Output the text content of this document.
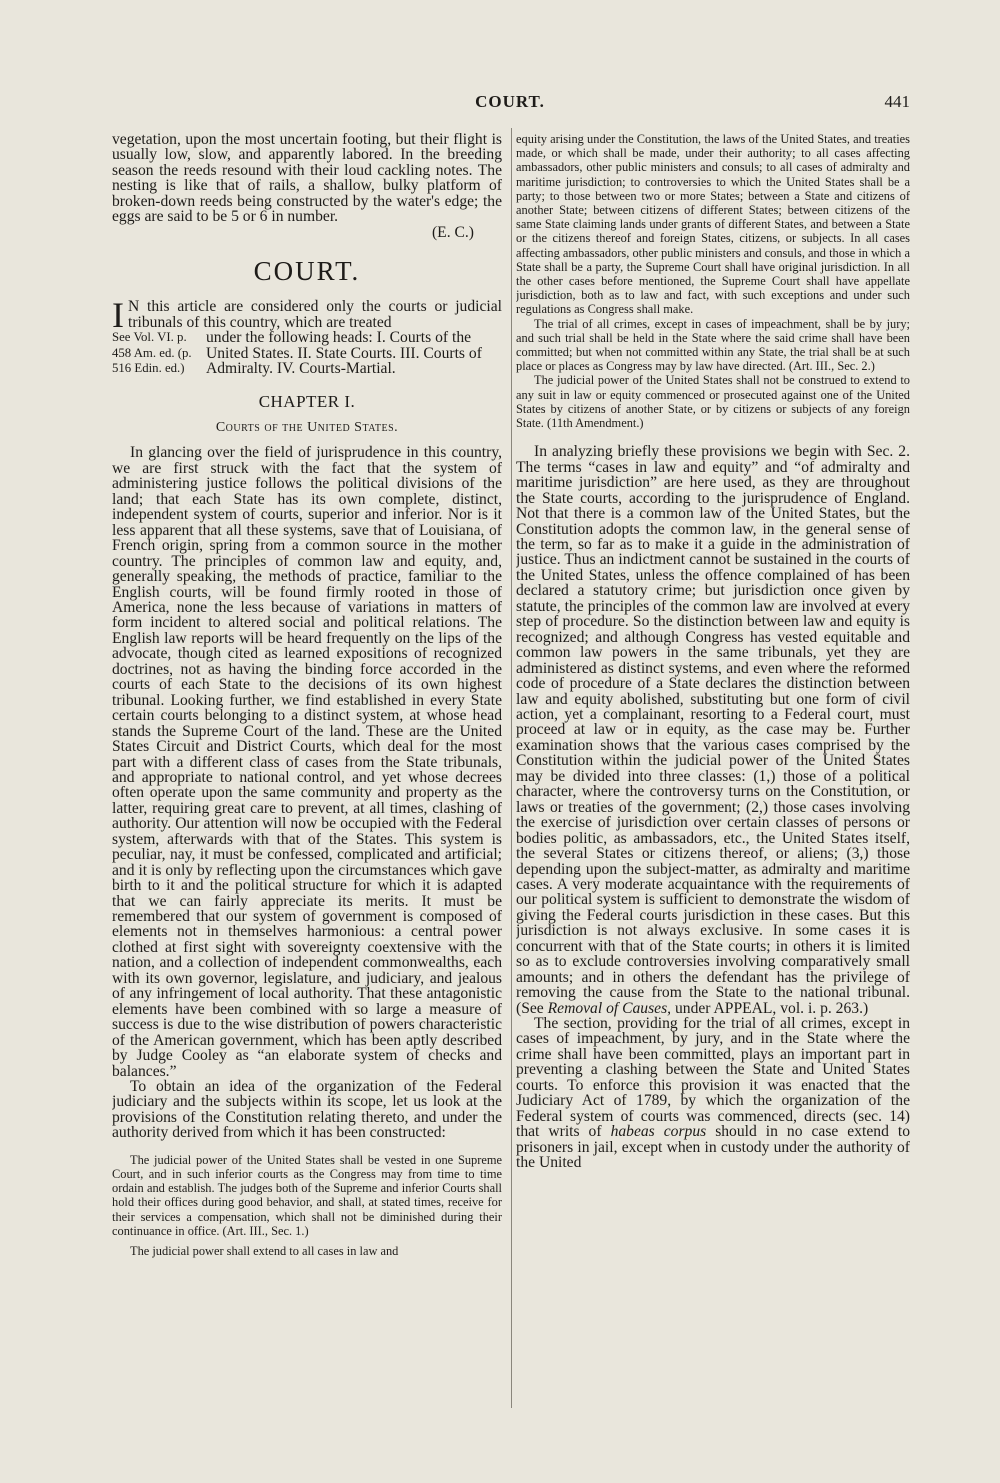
COURT.	441

vegetation, upon the most uncertain footing, but their flight is usually low, slow, and apparently labored. In the breeding season the reeds resound with their loud cackling notes. The nesting is like that of rails, a shallow, bulky platform of broken-down reeds being constructed by the water's edge; the eggs are said to be 5 or 6 in number.

(E. C.)

COURT.

I N this article are considered only the courts or judicial tribunals of this country, which are treated

See Vol. VI. p. 458 Am. ed. (p. 516 Edin. ed.)

under the following heads: I. Courts of the United States. II. State Courts. III. Courts of Admiralty. IV. Courts-Martial.

CHAPTER I.
Courts of the United States.

In glancing over the field of jurisprudence in this country, we are first struck with the fact that the system of administering justice follows the political divisions of the land; that each State has its own complete, distinct, independent system of courts, superior and inferior. Nor is it less apparent that all these systems, save that of Louisiana, of French origin, spring from a common source in the mother country. The principles of common law and equity, and, generally speaking, the methods of practice, familiar to the English courts, will be found firmly rooted in those of America, none the less because of variations in matters of form incident to altered social and political relations. The English law reports will be heard frequently on the lips of the advocate, though cited as learned expositions of recognized doctrines, not as having the binding force accorded in the courts of each State to the decisions of its own highest tribunal. Looking further, we find established in every State certain courts belonging to a distinct system, at whose head stands the Supreme Court of the land. These are the United States Circuit and District Courts, which deal for the most part with a different class of cases from the State tribunals, and appropriate to national control, and yet whose decrees often operate upon the same community and property as the latter, requiring great care to prevent, at all times, clashing of authority. Our attention will now be occupied with the Federal system, afterwards with that of the States. This system is peculiar, nay, it must be confessed, complicated and artificial; and it is only by reflecting upon the circumstances which gave birth to it and the political structure for which it is adapted that we can fairly appreciate its merits. It must be remembered that our system of government is composed of elements not in themselves harmonious: a central power clothed at first sight with sovereignty coextensive with the nation, and a collection of independent commonwealths, each with its own governor, legislature, and judiciary, and jealous of any infringement of local authority. That these antagonistic elements have been combined with so large a measure of success is due to the wise distribution of powers characteristic of the American government, which has been aptly described by Judge Cooley as “an elaborate system of checks and balances.”

To obtain an idea of the organization of the Federal judiciary and the subjects within its scope, let us look at the provisions of the Constitution relating thereto, and under the authority derived from which it has been constructed:

The judicial power of the United States shall be vested in one Supreme Court, and in such inferior courts as the Congress may from time to time ordain and establish. The judges both of the Supreme and inferior Courts shall hold their offices during good behavior, and shall, at stated times, receive for their services a compensation, which shall not be diminished during their continuance in office. (Art. III., Sec. 1.)

The judicial power shall extend to all cases in law and

equity arising under the Constitution, the laws of the United States, and treaties made, or which shall be made, under their authority; to all cases affecting ambassadors, other public ministers and consuls; to all cases of admiralty and maritime jurisdiction; to controversies to which the United States shall be a party; to those between two or more States; between a State and citizens of another State; between citizens of different States; between citizens of the same State claiming lands under grants of different States, and between a State or the citizens thereof and foreign States, citizens, or subjects. In all cases affecting ambassadors, other public ministers and consuls, and those in which a State shall be a party, the Supreme Court shall have original jurisdiction. In all the other cases before mentioned, the Supreme Court shall have appellate jurisdiction, both as to law and fact, with such exceptions and under such regulations as Congress shall make.

The trial of all crimes, except in cases of impeachment, shall be by jury; and such trial shall be held in the State where the said crime shall have been committed; but when not committed within any State, the trial shall be at such place or places as Congress may by law have directed. (Art. III., Sec. 2.)

The judicial power of the United States shall not be construed to extend to any suit in law or equity commenced or prosecuted against one of the United States by citizens of another State, or by citizens or subjects of any foreign State. (11th Amendment.)

In analyzing briefly these provisions we begin with Sec. 2. The terms “cases in law and equity” and “of admiralty and maritime jurisdiction” are here used, as they are throughout the State courts, according to the jurisprudence of England. Not that there is a common law of the United States, but the Constitution adopts the common law, in the general sense of the term, so far as to make it a guide in the administration of justice. Thus an indictment cannot be sustained in the courts of the United States, unless the offence complained of has been declared a statutory crime; but jurisdiction once given by statute, the principles of the common law are involved at every step of procedure. So the distinction between law and equity is recognized; and although Congress has vested equitable and common law powers in the same tribunals, yet they are administered as distinct systems, and even where the reformed code of procedure of a State declares the distinction between law and equity abolished, substituting but one form of civil action, yet a complainant, resorting to a Federal court, must proceed at law or in equity, as the case may be. Further examination shows that the various cases comprised by the Constitution within the judicial power of the United States may be divided into three classes: (1,) those of a political character, where the controversy turns on the Constitution, or laws or treaties of the government; (2,) those cases involving the exercise of jurisdiction over certain classes of persons or bodies politic, as ambassadors, etc., the United States itself, the several States or citizens thereof, or aliens; (3,) those depending upon the subject-matter, as admiralty and maritime cases. A very moderate acquaintance with the requirements of our political system is sufficient to demonstrate the wisdom of giving the Federal courts jurisdiction in these cases. But this jurisdiction is not always exclusive. In some cases it is concurrent with that of the State courts; in others it is limited so as to exclude controversies involving comparatively small amounts; and in others the defendant has the privilege of removing the cause from the State to the national tribunal. (See Removal of Causes, under APPEAL, vol. i. p. 263.)

The section, providing for the trial of all crimes, except in cases of impeachment, by jury, and in the State where the crime shall have been committed, plays an important part in preventing a clashing between the State and United States courts. To enforce this provision it was enacted that the Judiciary Act of 1789, by which the organization of the Federal system of courts was commenced, directs (sec. 14) that writs of habeas corpus should in no case extend to prisoners in jail, except when in custody under the authority of the United
